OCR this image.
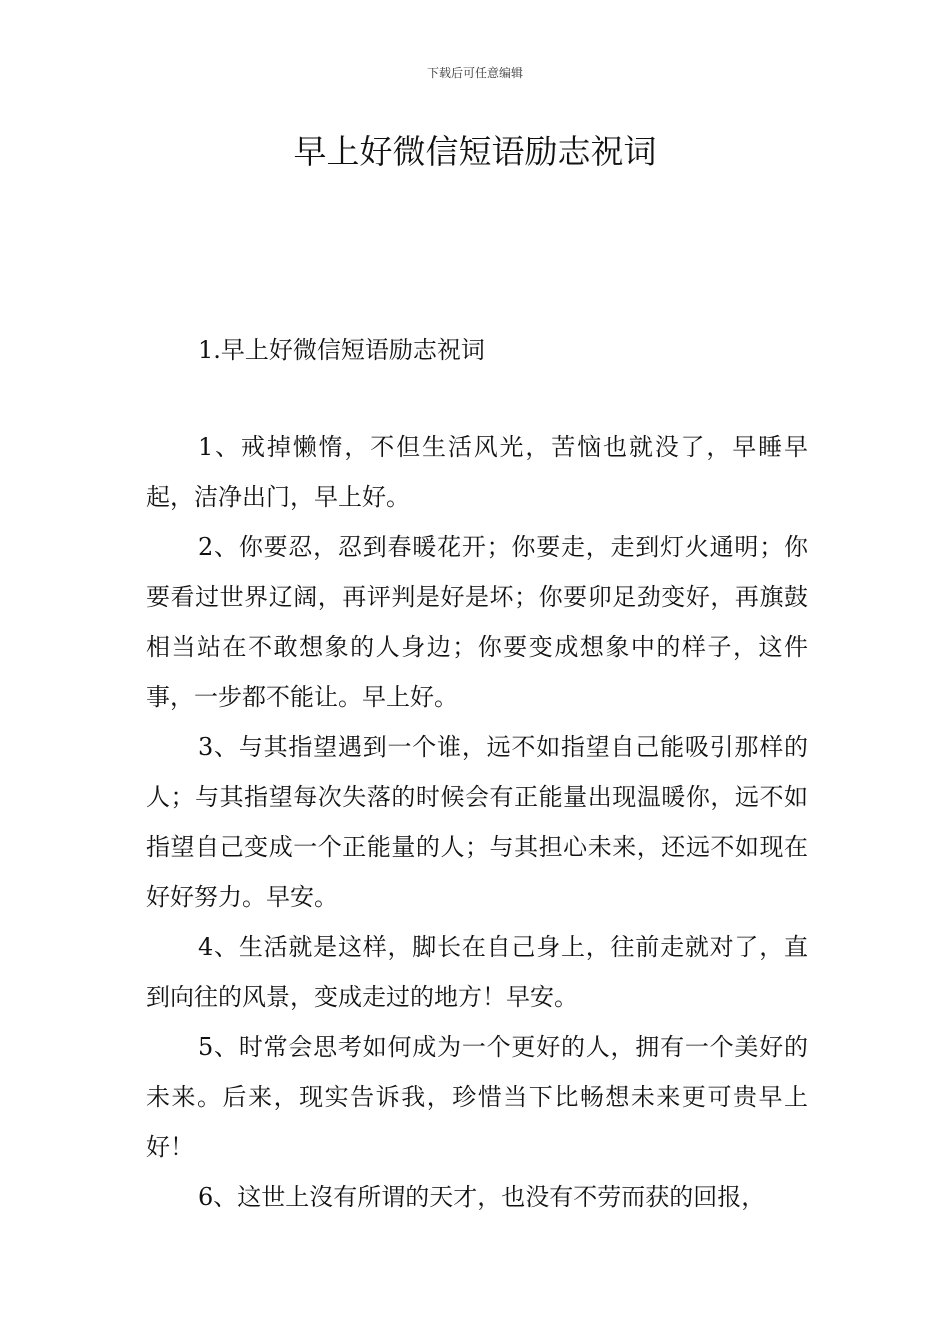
下载后可任意编辑
早上好微信短语励志祝词
1.早上好微信短语励志祝词

1、戒掉懒惰，不但生活风光，苦恼也就没了，早睡早起，洁净出门，早上好。

2、你要忍，忍到春暖花开；你要走，走到灯火通明；你要看过世界辽阔，再评判是好是坏；你要卯足劲变好，再旗鼓相当站在不敢想象的人身边；你要变成想象中的样子，这件事，一步都不能让。早上好。

3、与其指望遇到一个谁，远不如指望自己能吸引那样的人；与其指望每次失落的时候会有正能量出现温暖你，远不如指望自己变成一个正能量的人；与其担心未来，还远不如现在好好努力。早安。

4、生活就是这样，脚长在自己身上，往前走就对了，直到向往的风景，变成走过的地方！早安。

5、时常会思考如何成为一个更好的人，拥有一个美好的未来。后来，现实告诉我，珍惜当下比畅想未来更可贵早上好！

6、这世上沒有所谓的天才，也没有不劳而获的回报，
